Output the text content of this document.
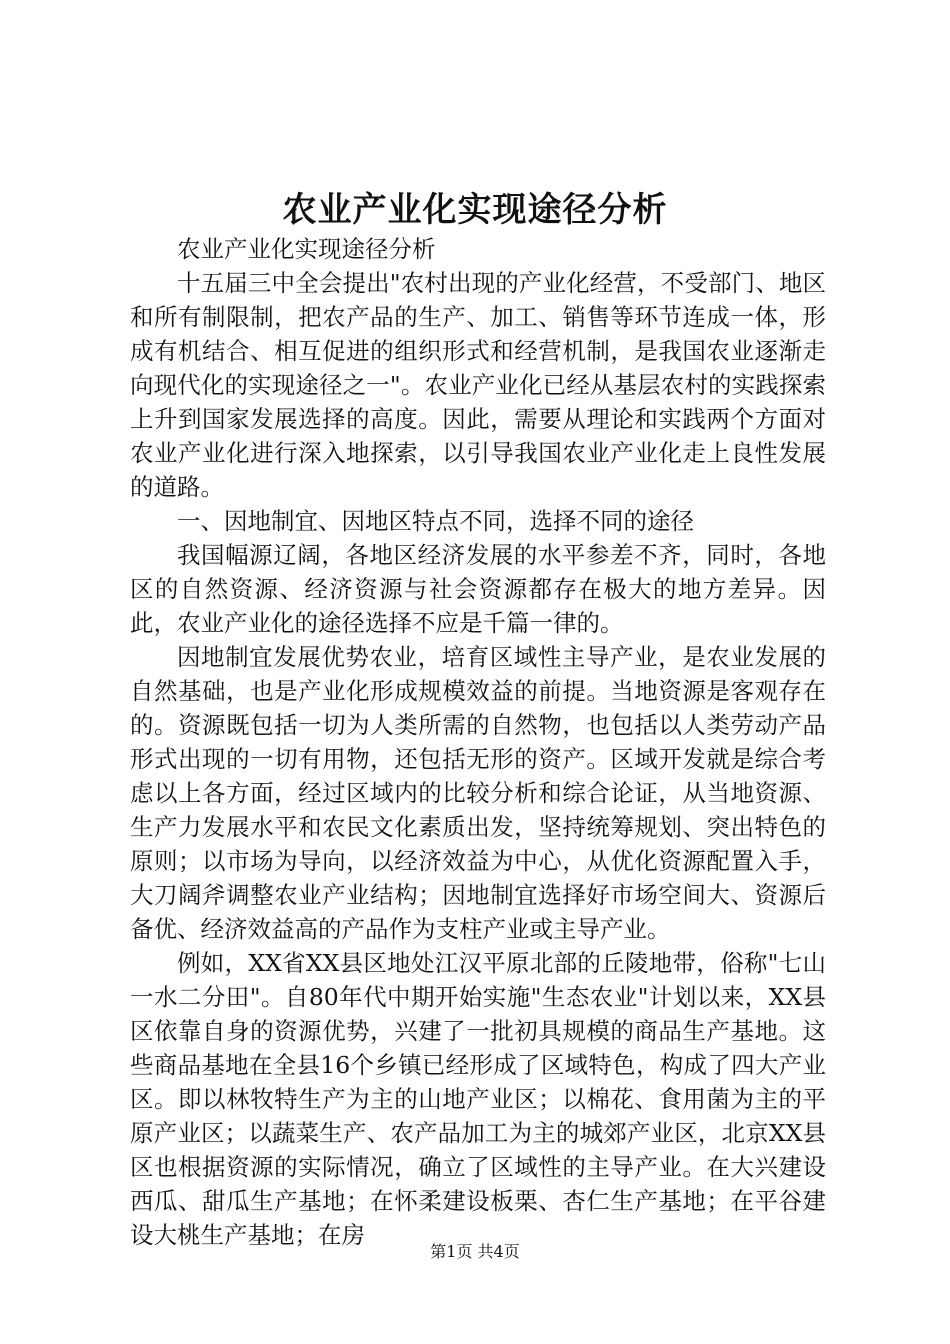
农业产业化实现途径分析

农业产业化实现途径分析

十五届三中全会提出"农村出现的产业化经营，不受部门、地区和所有制限制，把农产品的生产、加工、销售等环节连成一体，形成有机结合、相互促进的组织形式和经营机制，是我国农业逐渐走向现代化的实现途径之一"。农业产业化已经从基层农村的实践探索上升到国家发展选择的高度。因此，需要从理论和实践两个方面对农业产业化进行深入地探索，以引导我国农业产业化走上良性发展的道路。

一、因地制宜、因地区特点不同，选择不同的途径

我国幅源辽阔，各地区经济发展的水平参差不齐，同时，各地区的自然资源、经济资源与社会资源都存在极大的地方差异。因此，农业产业化的途径选择不应是千篇一律的。

因地制宜发展优势农业，培育区域性主导产业，是农业发展的自然基础，也是产业化形成规模效益的前提。当地资源是客观存在的。资源既包括一切为人类所需的自然物，也包括以人类劳动产品形式出现的一切有用物，还包括无形的资产。区域开发就是综合考虑以上各方面，经过区域内的比较分析和综合论证，从当地资源、生产力发展水平和农民文化素质出发，坚持统筹规划、突出特色的原则；以市场为导向，以经济效益为中心，从优化资源配置入手，大刀阔斧调整农业产业结构；因地制宜选择好市场空间大、资源后备优、经济效益高的产品作为支柱产业或主导产业。

例如，XX省XX县区地处江汉平原北部的丘陵地带，俗称"七山一水二分田"。自80年代中期开始实施"生态农业"计划以来，XX县区依靠自身的资源优势，兴建了一批初具规模的商品生产基地。这些商品基地在全县16个乡镇已经形成了区域特色，构成了四大产业区。即以林牧特生产为主的山地产业区；以棉花、食用菌为主的平原产业区；以蔬菜生产、农产品加工为主的城郊产业区，北京XX县区也根据资源的实际情况，确立了区域性的主导产业。在大兴建设西瓜、甜瓜生产基地；在怀柔建设板栗、杏仁生产基地；在平谷建设大桃生产基地；在房

第1页 共4页
